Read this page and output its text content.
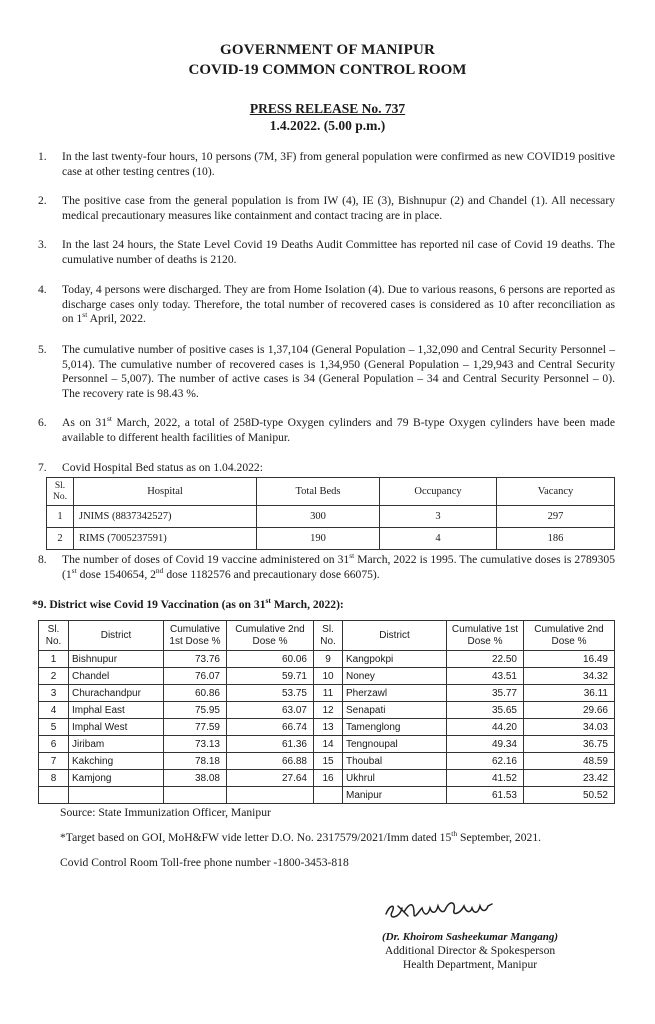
GOVERNMENT OF MANIPUR
COVID-19 COMMON CONTROL ROOM
PRESS RELEASE No. 737
1.4.2022. (5.00 p.m.)
1. In the last twenty-four hours, 10 persons (7M, 3F) from general population were confirmed as new COVID19 positive case at other testing centres (10).
2. The positive case from the general population is from IW (4), IE (3), Bishnupur (2) and Chandel (1). All necessary medical precautionary measures like containment and contact tracing are in place.
3. In the last 24 hours, the State Level Covid 19 Deaths Audit Committee has reported nil case of Covid 19 deaths. The cumulative number of deaths is 2120.
4. Today, 4 persons were discharged. They are from Home Isolation (4). Due to various reasons, 6 persons are reported as discharge cases only today. Therefore, the total number of recovered cases is considered as 10 after reconciliation as on 1st April, 2022.
5. The cumulative number of positive cases is 1,37,104 (General Population – 1,32,090 and Central Security Personnel – 5,014). The cumulative number of recovered cases is 1,34,950 (General Population – 1,29,943 and Central Security Personnel – 5,007). The number of active cases is 34 (General Population – 34 and Central Security Personnel – 0). The recovery rate is 98.43 %.
6. As on 31st March, 2022, a total of 258D-type Oxygen cylinders and 79 B-type Oxygen cylinders have been made available to different health facilities of Manipur.
7. Covid Hospital Bed status as on 1.04.2022:
Sl. No.	Hospital	Total Beds	Occupancy	Vacancy
1	JNIMS (8837342527)	300	3	297
2	RIMS (7005237591)	190	4	186
8. The number of doses of Covid 19 vaccine administered on 31st March, 2022 is 1995. The cumulative doses is 2789305 (1st dose 1540654, 2nd dose 1182576 and precautionary dose 66075).
*9. District wise Covid 19 Vaccination (as on 31st March, 2022):
Sl. No.	District	Cumulative 1st Dose %	Cumulative 2nd Dose %	Sl. No.	District	Cumulative 1st Dose %	Cumulative 2nd Dose %
1	Bishnupur	73.76	60.06	9	Kangpokpi	22.50	16.49
2	Chandel	76.07	59.71	10	Noney	43.51	34.32
3	Churachandpur	60.86	53.75	11	Pherzawl	35.77	36.11
4	Imphal East	75.95	63.07	12	Senapati	35.65	29.66
5	Imphal West	77.59	66.74	13	Tamenglong	44.20	34.03
6	Jiribam	73.13	61.36	14	Tengnoupal	49.34	36.75
7	Kakching	78.18	66.88	15	Thoubal	62.16	48.59
8	Kamjong	38.08	27.64	16	Ukhrul	41.52	23.42
					Manipur	61.53	50.52
Source: State Immunization Officer, Manipur
*Target based on GOI, MoH&FW vide letter D.O. No. 2317579/2021/Imm dated 15th September, 2021.
Covid Control Room Toll-free phone number -1800-3453-818
(Dr. Khoirom Sasheekumar Mangang)
Additional Director & Spokesperson
Health Department, Manipur
